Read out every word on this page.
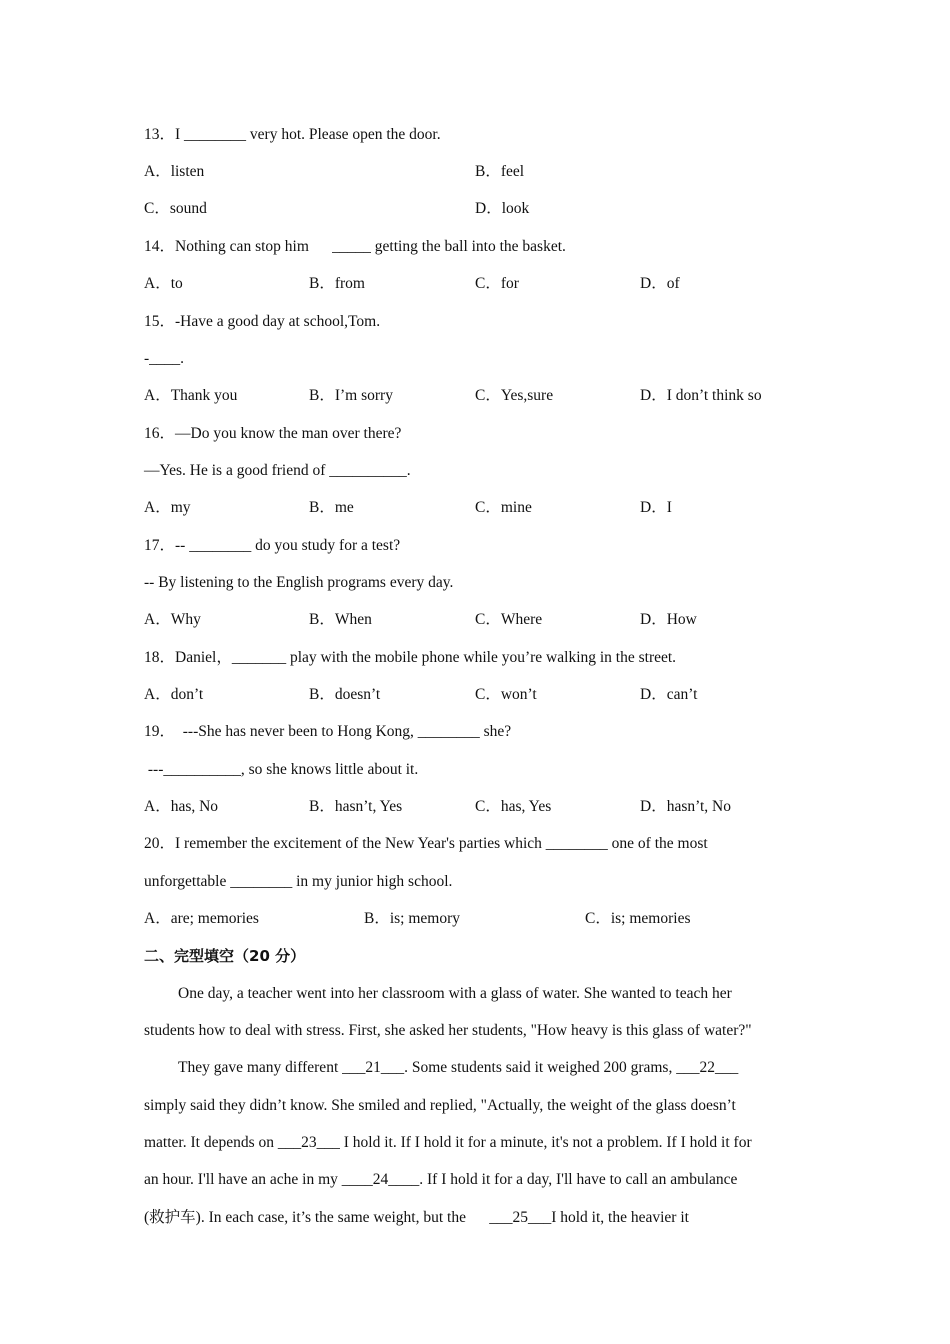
13．I ________ very hot. Please open the door.
A．listen	B．feel
C．sound	D．look
14．Nothing can stop him      _____ getting the ball into the basket.
A．to	B．from	C．for	D．of
15．-Have a good day at school,Tom.
-____.
A．Thank you	B．I’m sorry	C．Yes,sure	D．I don’t think so
16．—Do you know the man over there?
—Yes. He is a good friend of __________.
A．my	B．me	C．mine	D．I
17．-- ________ do you study for a test?
-- By listening to the English programs every day.
A．Why	B．When	C．Where	D．How
18．Daniel，_______ play with the mobile phone while you’re walking in the street.
A．don’t	B．doesn’t	C．won’t	D．can’t
19．  ---She has never been to Hong Kong, ________ she?
---__________, so she knows little about it.
A．has, No	B．hasn’t, Yes	C．has, Yes	D．hasn’t, No
20．I remember the excitement of the New Year's parties which ________ one of the most
unforgettable ________ in my junior high school.
A．are; memories	B．is; memory	C．is; memories
二、完型填空（20 分）
One day, a teacher went into her classroom with a glass of water. She wanted to teach her
students how to deal with stress. First, she asked her students, "How heavy is this glass of water?"
They gave many different ___21___. Some students said it weighed 200 grams, ___22___
simply said they didn’t know. She smiled and replied, "Actually, the weight of the glass doesn’t
matter. It depends on ___23___ I hold it. If I hold it for a minute, it's not a problem. If I hold it for
an hour. I'll have an ache in my ____24____. If I hold it for a day, I'll have to call an ambulance
(救护车). In each case, it’s the same weight, but the      ___25___I hold it, the heavier it
